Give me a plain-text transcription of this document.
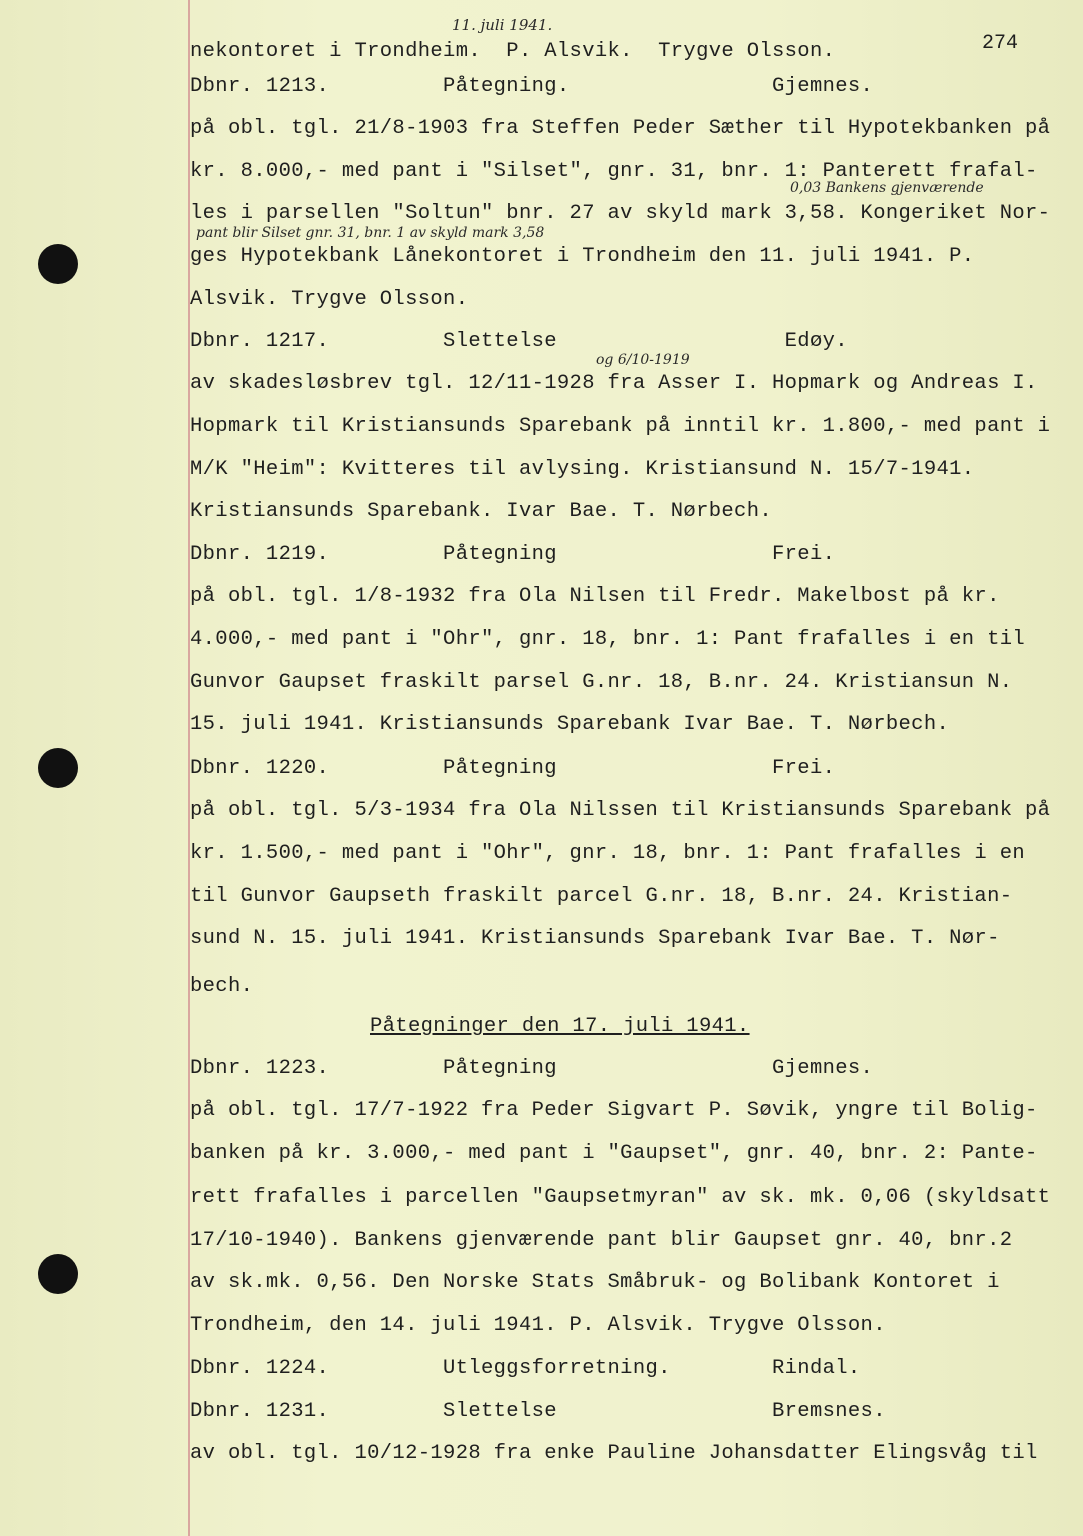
274
11. juli 1941.
0,03 Bankens gjenværende
pant blir Silset gnr. 31, bnr. 1 av skyld mark 3,58
og 6/10-1919
nekontoret i Trondheim.  P. Alsvik.  Trygve Olsson.
Dbnr. 1213.         Påtegning.                Gjemnes.
på obl. tgl. 21/8-1903 fra Steffen Peder Sæther til Hypotekbanken på
kr. 8.000,- med pant i "Silset", gnr. 31, bnr. 1: Panterett frafal-
les i parsellen "Soltun" bnr. 27 av skyld mark 3,58. Kongeriket Nor-
ges Hypotekbank Lånekontoret i Trondheim den 11. juli 1941. P.
Alsvik. Trygve Olsson.
Dbnr. 1217.         Slettelse                  Edøy.
av skadesløsbrev tgl. 12/11-1928 fra Asser I. Hopmark og Andreas I.
Hopmark til Kristiansunds Sparebank på inntil kr. 1.800,- med pant i
M/K "Heim": Kvitteres til avlysing. Kristiansund N. 15/7-1941.
Kristiansunds Sparebank. Ivar Bae. T. Nørbech.
Dbnr. 1219.         Påtegning                 Frei.
på obl. tgl. 1/8-1932 fra Ola Nilsen til Fredr. Makelbost på kr.
4.000,- med pant i "Ohr", gnr. 18, bnr. 1: Pant frafalles i en til
Gunvor Gaupset fraskilt parsel G.nr. 18, B.nr. 24. Kristiansun N.
15. juli 1941. Kristiansunds Sparebank Ivar Bae. T. Nørbech.
Dbnr. 1220.         Påtegning                 Frei.
på obl. tgl. 5/3-1934 fra Ola Nilssen til Kristiansunds Sparebank på
kr. 1.500,- med pant i "Ohr", gnr. 18, bnr. 1: Pant frafalles i en
til Gunvor Gaupseth fraskilt parcel G.nr. 18, B.nr. 24. Kristian-
sund N. 15. juli 1941. Kristiansunds Sparebank Ivar Bae. T. Nør-
bech.
Påtegninger den 17. juli 1941.
Dbnr. 1223.         Påtegning                 Gjemnes.
på obl. tgl. 17/7-1922 fra Peder Sigvart P. Søvik, yngre til Bolig-
banken på kr. 3.000,- med pant i "Gaupset", gnr. 40, bnr. 2: Pante-
rett frafalles i parcellen "Gaupsetmyran" av sk. mk. 0,06 (skyldsatt
17/10-1940). Bankens gjenværende pant blir Gaupset gnr. 40, bnr.2
av sk.mk. 0,56. Den Norske Stats Småbruk- og Bolibank Kontoret i
Trondheim, den 14. juli 1941. P. Alsvik. Trygve Olsson.
Dbnr. 1224.         Utleggsforretning.        Rindal.
Dbnr. 1231.         Slettelse                 Bremsnes.
av obl. tgl. 10/12-1928 fra enke Pauline Johansdatter Elingsvåg til
